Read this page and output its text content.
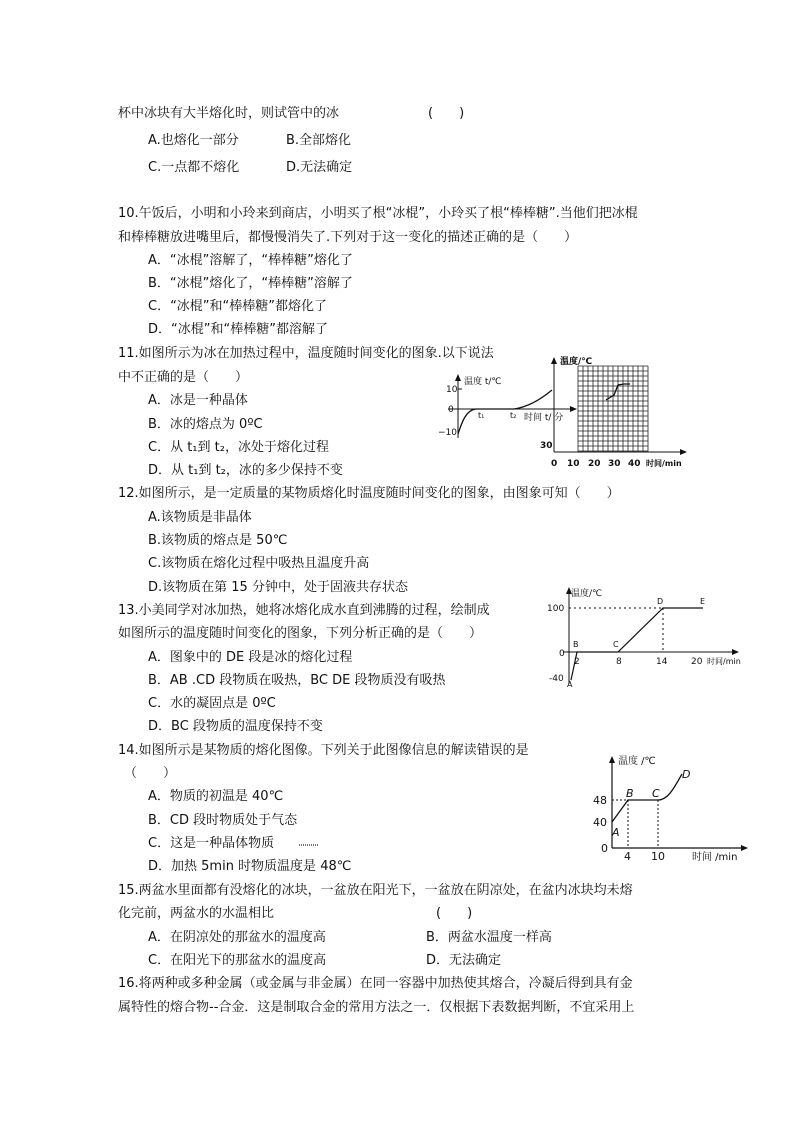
杯中冰块有大半熔化时，则试管中的冰	(　　)
A.也熔化一部分	B.全部熔化
C.一点都不熔化	D.无法确定
10.午饭后，小明和小玲来到商店，小明买了根“冰棍”，小玲买了根“棒棒糖”.当他们把冰棍
和棒棒糖放进嘴里后，都慢慢消失了.下列对于这一变化的描述正确的是（　　）
A．“冰棍”溶解了，“棒棒糖”熔化了
B．“冰棍”熔化了，“棒棒糖”溶解了
C．“冰棍”和“棒棒糖”都熔化了
D．“冰棍”和“棒棒糖”都溶解了
11.如图所示为冰在加热过程中，温度随时间变化的图象.以下说法
中不正确的是（　　）
A．冰是一种晶体
B．冰的熔点为 0ºC
C．从 t₁到 t₂，冰处于熔化过程
D．从 t₁到 t₂，冰的多少保持不变
温度 t/℃
10
0
−10
t₁	t₂ 时间 t/ 分
温度/℃
30
0 10 20 30 40 时间/min
12.如图所示，是一定质量的某物质熔化时温度随时间变化的图象，由图象可知（　　）
A.该物质是非晶体
B.该物质的熔点是 50℃
C.该物质在熔化过程中吸热且温度升高
D.该物质在第 15 分钟中，处于固液共存状态
13.小美同学对冰加热，她将冰熔化成水直到沸腾的过程，绘制成
如图所示的温度随时间变化的图象，下列分析正确的是（　　）
A．图象中的 DE 段是冰的熔化过程
B．AB .CD 段物质在吸热，BC DE 段物质没有吸热
C．水的凝固点是 0ºC
D．BC 段物质的温度保持不变
温度/℃
100
0
-40
2	8	14	20 时间/min
A
B	C
D	E
14.如图所示是某物质的熔化图像。下列关于此图像信息的解读错误的是
（　　）
A．物质的初温是 40℃
B．CD 段时物质处于气态
C．这是一种晶体物质
D．加热 5min 时物质温度是 48℃
温度 /℃
48
40
0
4 10	时间 /min
A
B C
D
15.两盆水里面都有没熔化的冰块，一盆放在阳光下，一盆放在阴凉处，在盆内冰块均未熔
化完前，两盆水的水温相比	(　　)
A．在阴凉处的那盆水的温度高	B．两盆水温度一样高
C．在阳光下的那盆水的温度高	D．无法确定
16.将两种或多种金属（或金属与非金属）在同一容器中加热使其熔合，冷凝后得到具有金
属特性的熔合物--合金．这是制取合金的常用方法之一．仅根据下表数据判断，不宜采用上
